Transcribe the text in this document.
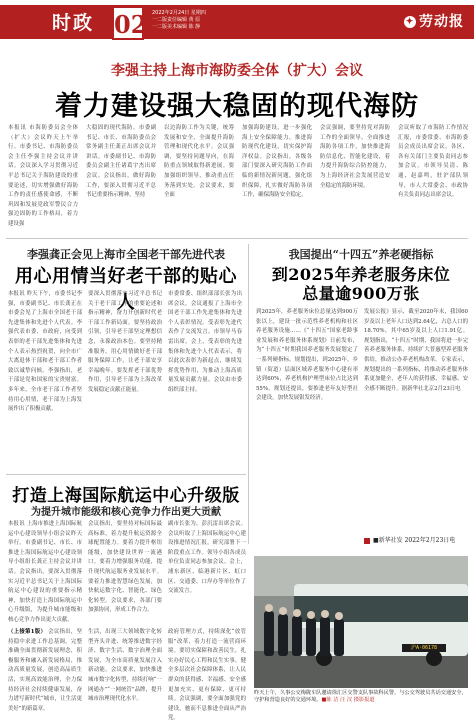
时政 02 2022年2月24日 星期四
一二版责任编辑 黄 原
一二版美术编辑 陈 静	✦ 劳动报
李强主持上海市海防委全体（扩大）会议
着力建设强大稳固的现代海防
本报讯 市海防委员会全体（扩大）会议昨天上午举行。市委书记、市海防委员会主任李强主持会议并讲话。会议深入学习贯彻习近平总书记关于海防建设的重要论述，切实增强做好海防工作的责任感使命感，不断巩固和发展党政军警民合力强边固防的工作格局，着力建设强
大稳固的现代海防。市委副书记、市长、市海防委员会常务副主任龚正出席会议并讲话。市委副书记、市海防委员会副主任诸葛宇杰出席会议。会议指出，做好海防工作，要深入贯彻习近平总书记重要指示精神，坚持
以边海防工作为关键，统筹发展和安全，全面提升海防管理和现代化水平。会议强调，要坚持问题导向，在海防重点领域取得新进展。要加强组织领导，推动重点任务落到实处。会议要求，要全面
加强海防建设，进一步强化海上安全保障能力，推进海防现代化建设，切实保护海洋权益。会议指出，各级各部门要深入研究海防工作面临的新情况新问题，强化组织保障，扎实做好海防各项工作，确保海防安全稳定。
会议强调，要坚持党对海防工作的全面领导，全面推进海防各项工作，加快推进海防信息化、智能化建设，着力提升海防综合防控能力，为上海经济社会发展营造安全稳定的海防环境。
会议听取了市海防工作情况汇报，市委常委、市海防委员会成员出席会议。各区、各有关部门主要负责同志参加会议。市领导吴清、陈通、赵嘉鸣，驻沪部队领导，市人大常委会、市政协有关负责同志出席会议。
李强龚正会见上海市全国老干部先进代表
用心用情当好老干部的贴心人
本报讯 昨天下午，市委书记李强，市委副书记、市长龚正在市委会见了上海市全国老干部先进集体和先进个人代表。李强代表市委、市政府，向受到表彰的老干部先进集体和先进个人表示热烈祝贺，向全市广大离退休干部和老干部工作者致以诚挚问候。李强指出，老干部是党和国家的宝贵财富。多年来，全市老干部工作者坚持用心用情，老干部为上海发展作出了积极贡献。
要深入贯彻落实习近平总书记关于老干部工作的重要论述和指示精神，奋力开创新时代老干部工作新局面。要坚持政治引领，引导老干部坚定理想信念，永葆政治本色。要坚持精准服务，用心用情做好老干部服务保障工作，让老干部安享幸福晚年。要发挥老干部优势作用，引导老干部为上海改革发展稳定贡献正能量。
市委常委、组织部部长张为出席会议。会议通报了上海市全国老干部工作先进集体和先进个人表彰情况。受表彰先进代表作了交流发言。市领导马春雷出席。会上，受表彰的先进集体和先进个人代表表示，将以此次表彰为新起点，继续发挥优势作用，为推动上海高质量发展贡献力量。会议由市委组织部主持。
我国提出“十四五”养老硬指标
到2025年养老服务床位
总量逾900万张
到2025年，养老服务床位总量达到900万张以上，建设一批示范性养老机构和社区养老服务设施……《“十四五”国家老龄事业发展和养老服务体系规划》日前发布，为“十四五”时期我国养老服务发展划定了一系列硬指标。规划提出，到2025年，乡镇（街道）层面区域养老服务中心建有率达到60%，养老机构护理型床位占比达到55%。规划还提出，要推进老年友好型社会建设，加快发展银发经济。
发展公报》显示，截至2020年末，我国60岁及以上老年人口达到2.64亿，占总人口的18.70%，其中65岁及以上人口1.91亿。规划指出，“十四五”时期，我国将进一步完善养老服务体系，持续扩大普惠型养老服务供给，推动公办养老机构改革。专家表示，规划提出的一系列指标，将推动养老服务体系更加健全，老年人的获得感、幸福感、安全感不断提升。据新华社北京2月23日电
■新华社发 2022年2月23日电
打造上海国际航运中心升级版
为提升城市能级和核心竞争力作出更大贡献
本报讯 上海市推进上海国际航运中心建设领导小组会议昨天举行。市委副书记、市长、市推进上海国际航运中心建设领导小组组长龚正主持会议并讲话。会议指出，要深入贯彻落实习近平总书记关于上海国际航运中心建设的重要指示精神，加快打造上海国际航运中心升级版，为提升城市能级和核心竞争力作出更大贡献。
会议指出，要坚持对标国际最高标准，着力提升航运资源全球配置能力。要着力提升枢纽能级，加快建设世界一流港口。要着力增强服务功能，提升现代航运服务业发展水平。要着力推进智慧绿色发展，加快航运数字化、智能化、绿色化转型。会议要求，各部门要加强协同，形成工作合力。
副市长张为、彭沉雷出席会议。会议听取了上海国际航运中心建设推进情况汇报，研究部署下一阶段重点工作。领导小组各成员单位负责同志参加会议。会上，浦东新区、临港新片区、虹口区、交通委、口岸办等单位作了交流发言。
（上接第1版） 会议指出，坚持稳中求进工作总基调，完整准确全面贯彻新发展理念，积极服务和融入新发展格局，推动高质量发展，创造高品质生活，实现高效能治理，全力保持经济社会持续健康发展，奋力谱写新时代“城市，让生活更美好”的新篇章。
生活，出现三大领域数字化转型齐头并进、统筹推进数字经济、数字生活、数字治理全面发展，为全市高质量发展注入新动能。会议要求，加快推进城市数字化转型，持续打响“一网通办”“一网统管”品牌，提升城市治理现代化水平。
政府管理方式，持续深化“放管服”改革，着力打造一流营商环境。要切实保障和改善民生，扎实办好民心工程和民生实事，健全多层次社会保障体系，让人民群众的获得感、幸福感、安全感更加充实、更有保障、更可持续。会议强调，要全面加强党的建设，驰而不息推进全面从严治党。
沪A·06178
昨天上午，久事公交梅陇车队邀请徐汇区交警支队事故科民警，与公交驾驶员共话交通安全，守护和营造良好的交通环境。■陈 洁 汪 汉 摄影报道
